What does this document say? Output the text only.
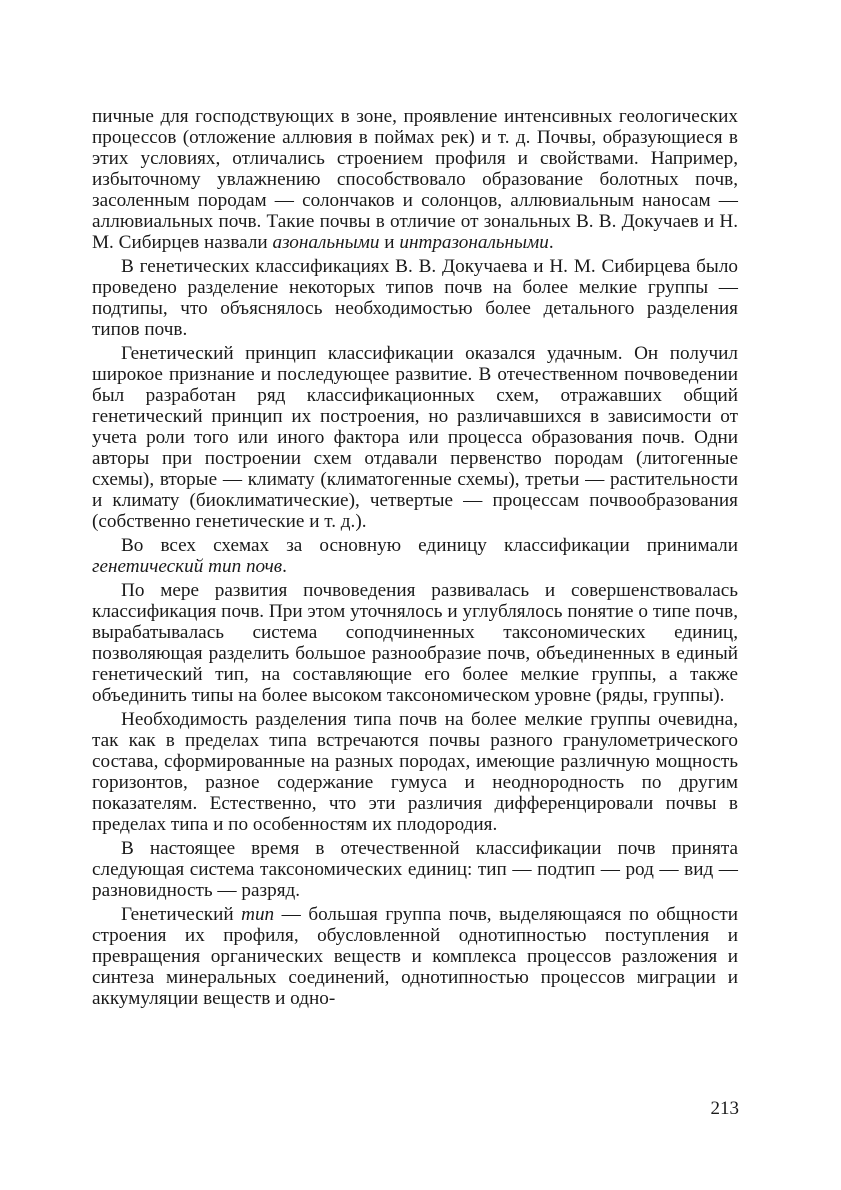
пичные для господствующих в зоне, проявление интенсивных геологических процессов (отложение аллювия в поймах рек) и т. д. Почвы, образующиеся в этих условиях, отличались строением профиля и свойствами. Например, избыточному увлажнению способствовало образование болотных почв, засоленным породам — солончаков и солонцов, аллювиальным наносам — аллювиальных почв. Такие почвы в отличие от зональных В. В. Докучаев и Н. М. Сибирцев назвали азональными и интразональными.

В генетических классификациях В. В. Докучаева и Н. М. Сибирцева было проведено разделение некоторых типов почв на более мелкие группы — подтипы, что объяснялось необходимостью более детального разделения типов почв.

Генетический принцип классификации оказался удачным. Он получил широкое признание и последующее развитие. В отечественном почвоведении был разработан ряд классификационных схем, отражавших общий генетический принцип их построения, но различавшихся в зависимости от учета роли того или иного фактора или процесса образования почв. Одни авторы при построении схем отдавали первенство породам (литогенные схемы), вторые — климату (климатогенные схемы), третьи — растительности и климату (биоклиматические), четвертые — процессам почвообразования (собственно генетические и т. д.).

Во всех схемах за основную единицу классификации принимали генетический тип почв.

По мере развития почвоведения развивалась и совершенствовалась классификация почв. При этом уточнялось и углублялось понятие о типе почв, вырабатывалась система соподчиненных таксономических единиц, позволяющая разделить большое разнообразие почв, объединенных в единый генетический тип, на составляющие его более мелкие группы, а также объединить типы на более высоком таксономическом уровне (ряды, группы).

Необходимость разделения типа почв на более мелкие группы очевидна, так как в пределах типа встречаются почвы разного гранулометрического состава, сформированные на разных породах, имеющие различную мощность горизонтов, разное содержание гумуса и неоднородность по другим показателям. Естественно, что эти различия дифференцировали почвы в пределах типа и по особенностям их плодородия.

В настоящее время в отечественной классификации почв принята следующая система таксономических единиц: тип — подтип — род — вид — разновидность — разряд.

Генетический тип — большая группа почв, выделяющаяся по общности строения их профиля, обусловленной однотипностью поступления и превращения органических веществ и комплекса процессов разложения и синтеза минеральных соединений, однотипностью процессов миграции и аккумуляции веществ и одно-

213
